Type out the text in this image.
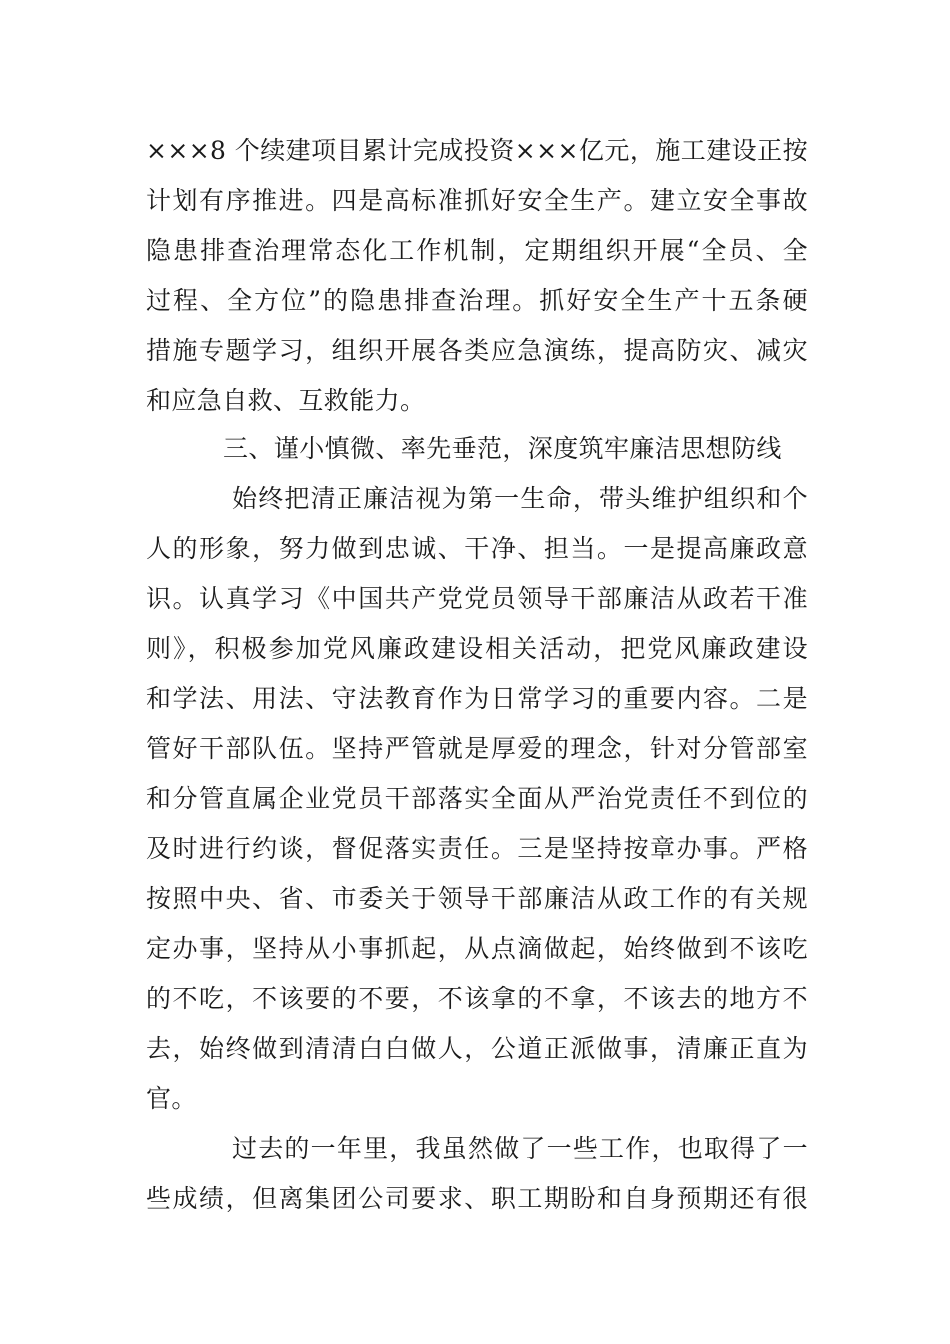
×××8 个续建项目累计完成投资×××亿元，施工建设正按
计划有序推进。四是高标准抓好安全生产。建立安全事故
隐患排查治理常态化工作机制，定期组织开展“全员、全
过程、全方位”的隐患排查治理。抓好安全生产十五条硬
措施专题学习，组织开展各类应急演练，提高防灾、减灾
和应急自救、互救能力。
三、谨小慎微、率先垂范，深度筑牢廉洁思想防线
始终把清正廉洁视为第一生命，带头维护组织和个
人的形象，努力做到忠诚、干净、担当。一是提高廉政意
识。认真学习《中国共产党党员领导干部廉洁从政若干准
则》，积极参加党风廉政建设相关活动，把党风廉政建设
和学法、用法、守法教育作为日常学习的重要内容。二是
管好干部队伍。坚持严管就是厚爱的理念，针对分管部室
和分管直属企业党员干部落实全面从严治党责任不到位的
及时进行约谈，督促落实责任。三是坚持按章办事。严格
按照中央、省、市委关于领导干部廉洁从政工作的有关规
定办事，坚持从小事抓起，从点滴做起，始终做到不该吃
的不吃，不该要的不要，不该拿的不拿，不该去的地方不
去，始终做到清清白白做人，公道正派做事，清廉正直为
官。
过去的一年里，我虽然做了一些工作，也取得了一
些成绩，但离集团公司要求、职工期盼和自身预期还有很
